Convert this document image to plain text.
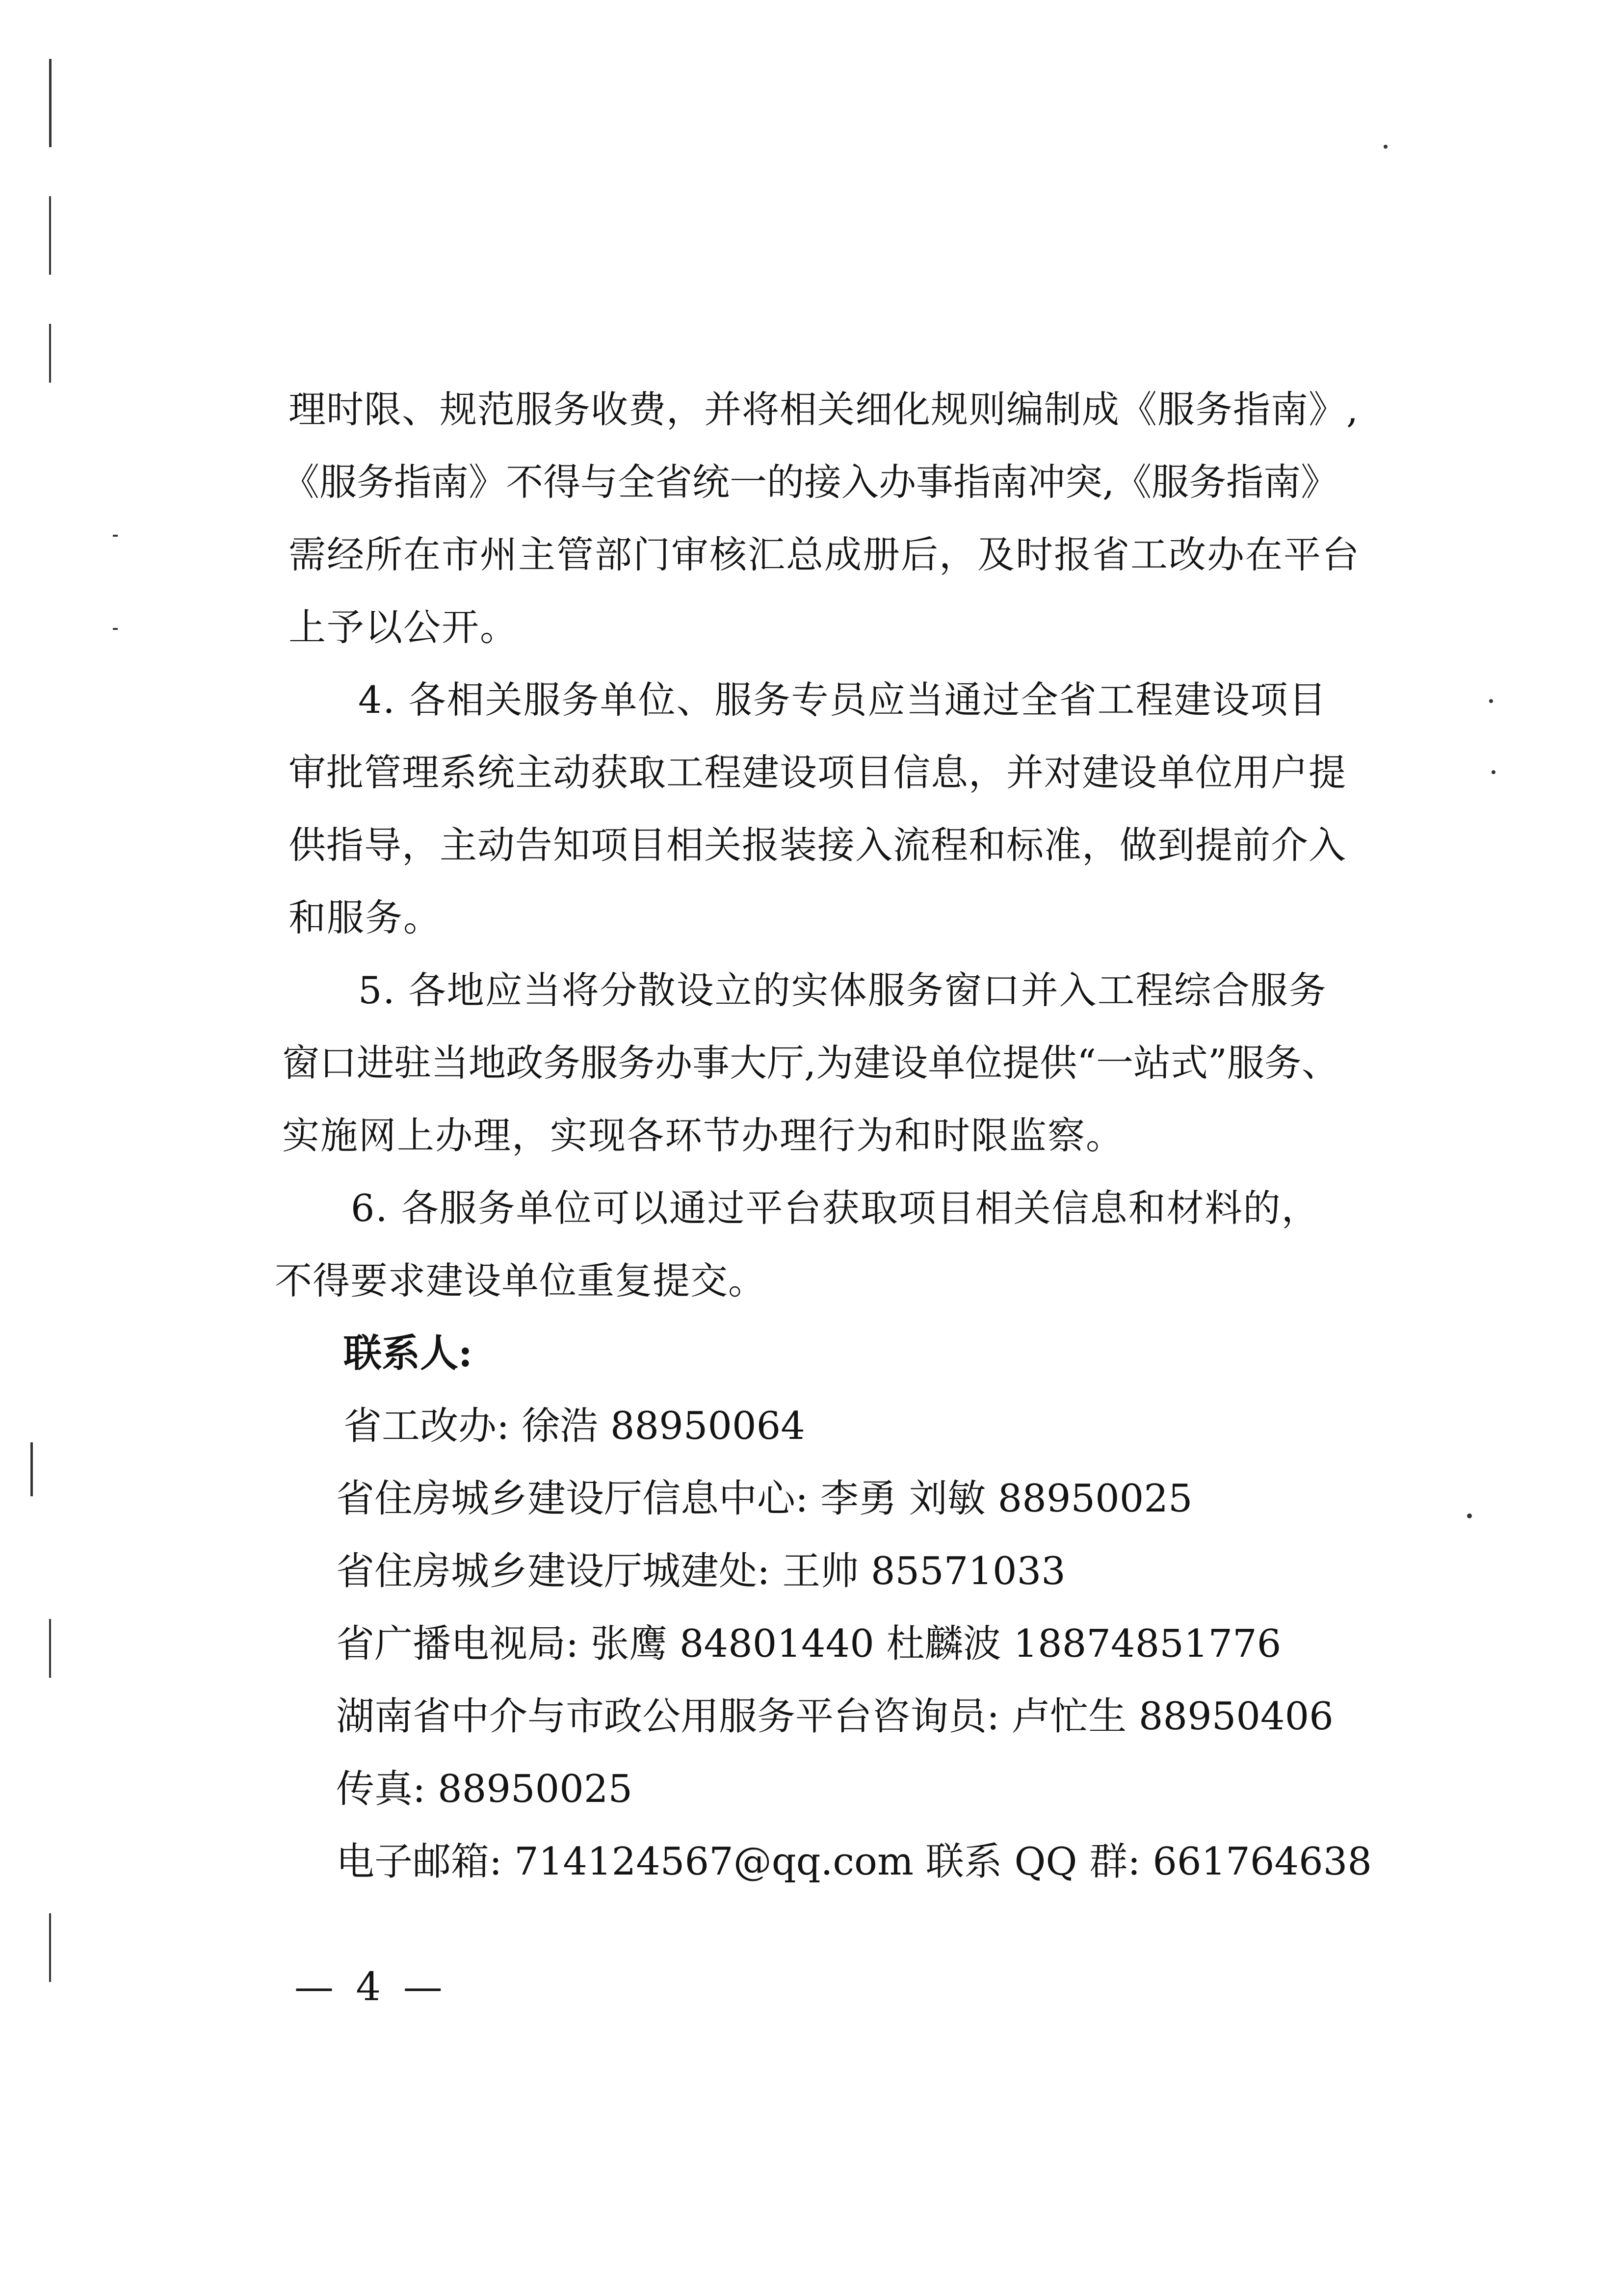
理时限、规范服务收费，并将相关细化规则编制成《服务指南》,

《服务指南》不得与全省统一的接入办事指南冲突,《服务指南》

需经所在市州主管部门审核汇总成册后，及时报省工改办在平台

上予以公开。

4. 各相关服务单位、服务专员应当通过全省工程建设项目

审批管理系统主动获取工程建设项目信息，并对建设单位用户提

供指导，主动告知项目相关报装接入流程和标准，做到提前介入

和服务。

5. 各地应当将分散设立的实体服务窗口并入工程综合服务

窗口进驻当地政务服务办事大厅,为建设单位提供“一站式”服务、

实施网上办理，实现各环节办理行为和时限监察。

6. 各服务单位可以通过平台获取项目相关信息和材料的，

不得要求建设单位重复提交。

联系人:

省工改办: 徐浩 88950064

省住房城乡建设厅信息中心: 李勇 刘敏 88950025

省住房城乡建设厅城建处: 王帅 85571033

省广播电视局: 张鹰 84801440 杜麟波 18874851776

湖南省中介与市政公用服务平台咨询员: 卢忙生 88950406

传真: 88950025

电子邮箱: 714124567@qq.com 联系 QQ 群: 661764638

— 4 —
